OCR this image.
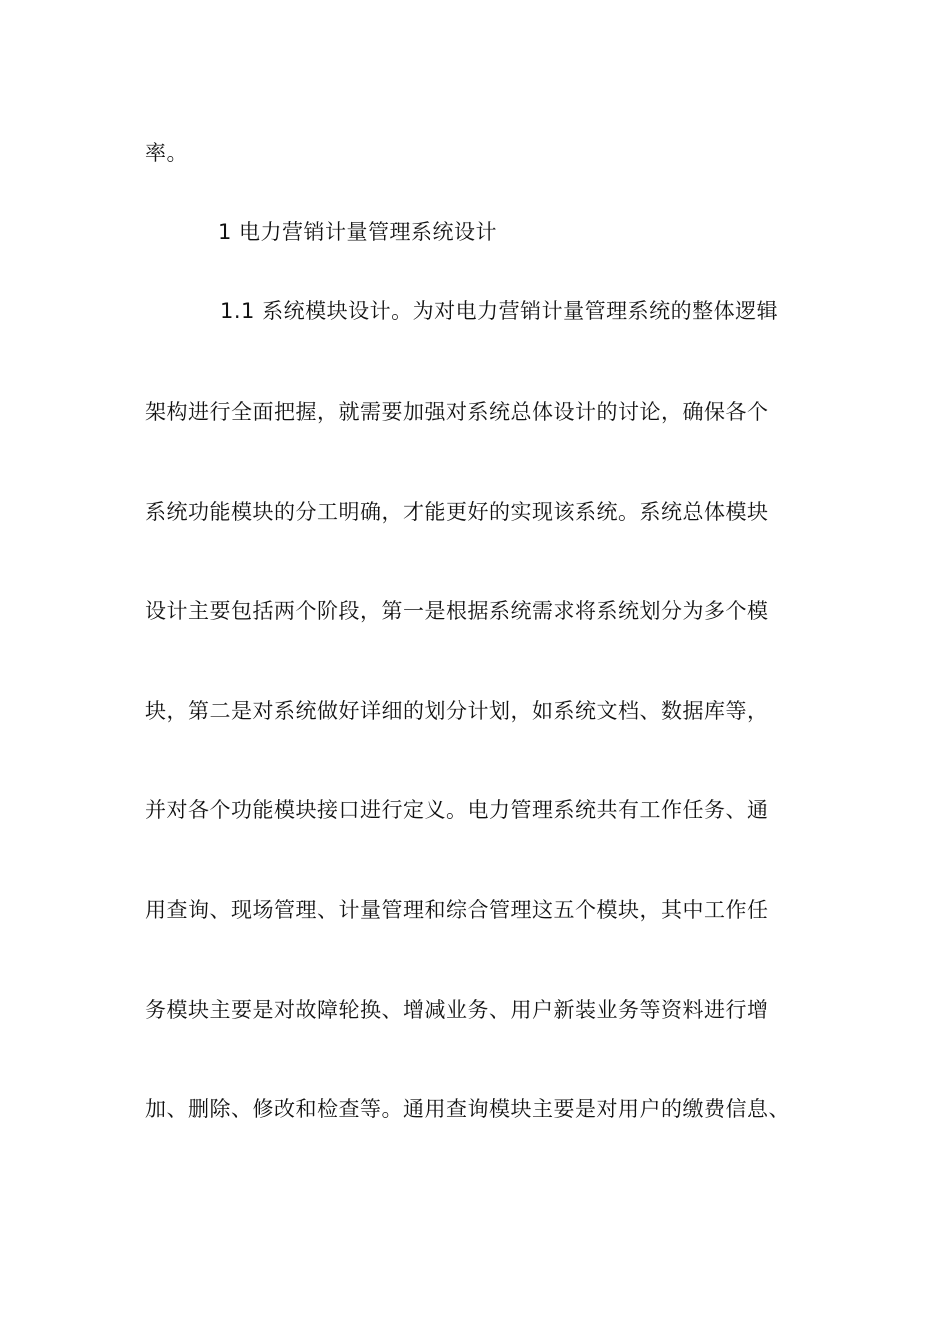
率。

1 电力营销计量管理系统设计

1.1 系统模块设计。为对电力营销计量管理系统的整体逻辑

架构进行全面把握，就需要加强对系统总体设计的讨论，确保各个

系统功能模块的分工明确，才能更好的实现该系统。系统总体模块

设计主要包括两个阶段，第一是根据系统需求将系统划分为多个模

块，第二是对系统做好详细的划分计划，如系统文档、数据库等，

并对各个功能模块接口进行定义。电力管理系统共有工作任务、通

用查询、现场管理、计量管理和综合管理这五个模块，其中工作任

务模块主要是对故障轮换、增减业务、用户新装业务等资料进行增

加、删除、修改和检查等。通用查询模块主要是对用户的缴费信息、
